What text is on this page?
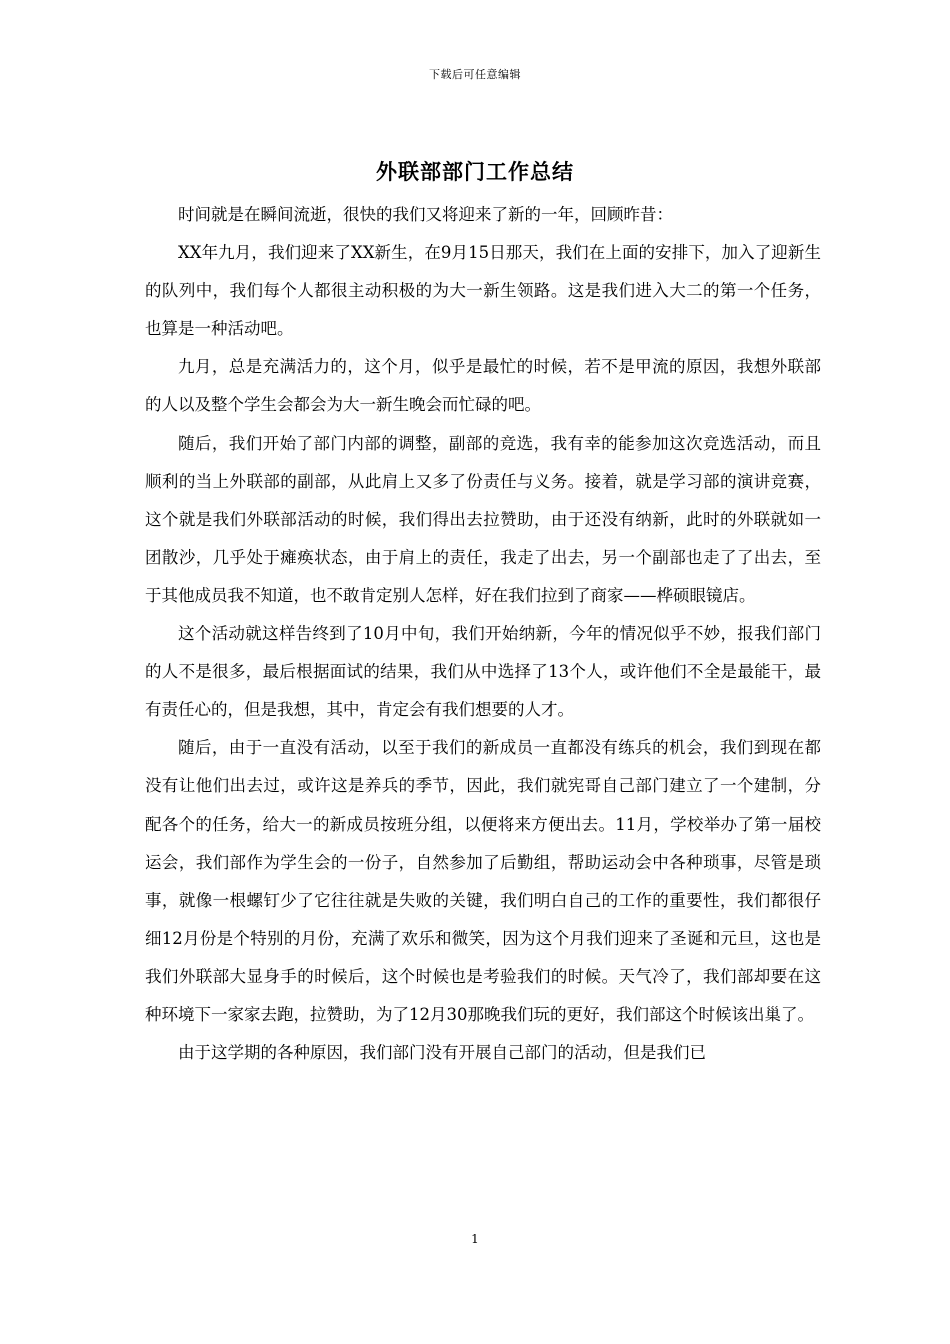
下载后可任意编辑
外联部部门工作总结

时间就是在瞬间流逝，很快的我们又将迎来了新的一年，回顾昨昔：

XX年九月，我们迎来了XX新生，在9月15日那天，我们在上面的安排下，加入了迎新生的队列中，我们每个人都很主动积极的为大一新生领路。这是我们进入大二的第一个任务，也算是一种活动吧。

九月，总是充满活力的，这个月，似乎是最忙的时候，若不是甲流的原因，我想外联部的人以及整个学生会都会为大一新生晚会而忙碌的吧。

随后，我们开始了部门内部的调整，副部的竞选，我有幸的能参加这次竞选活动，而且顺利的当上外联部的副部，从此肩上又多了份责任与义务。接着，就是学习部的演讲竞赛，这个就是我们外联部活动的时候，我们得出去拉赞助，由于还没有纳新，此时的外联就如一团散沙，几乎处于瘫痪状态，由于肩上的责任，我走了出去，另一个副部也走了了出去，至于其他成员我不知道，也不敢肯定别人怎样，好在我们拉到了商家——桦硕眼镜店。

这个活动就这样告终到了10月中旬，我们开始纳新，今年的情况似乎不妙，报我们部门的人不是很多，最后根据面试的结果，我们从中选择了13个人，或许他们不全是最能干，最有责任心的，但是我想，其中，肯定会有我们想要的人才。

随后，由于一直没有活动，以至于我们的新成员一直都没有练兵的机会，我们到现在都没有让他们出去过，或许这是养兵的季节，因此，我们就宪哥自己部门建立了一个建制，分配各个的任务，给大一的新成员按班分组，以便将来方便出去。11月，学校举办了第一届校运会，我们部作为学生会的一份子，自然参加了后勤组，帮助运动会中各种琐事，尽管是琐事，就像一根螺钉少了它往往就是失败的关键，我们明白自己的工作的重要性，我们都很仔细12月份是个特别的月份，充满了欢乐和微笑，因为这个月我们迎来了圣诞和元旦，这也是我们外联部大显身手的时候后，这个时候也是考验我们的时候。天气冷了，我们部却要在这种环境下一家家去跑，拉赞助，为了12月30那晚我们玩的更好，我们部这个时候该出巢了。

由于这学期的各种原因，我们部门没有开展自己部门的活动，但是我们已

1
